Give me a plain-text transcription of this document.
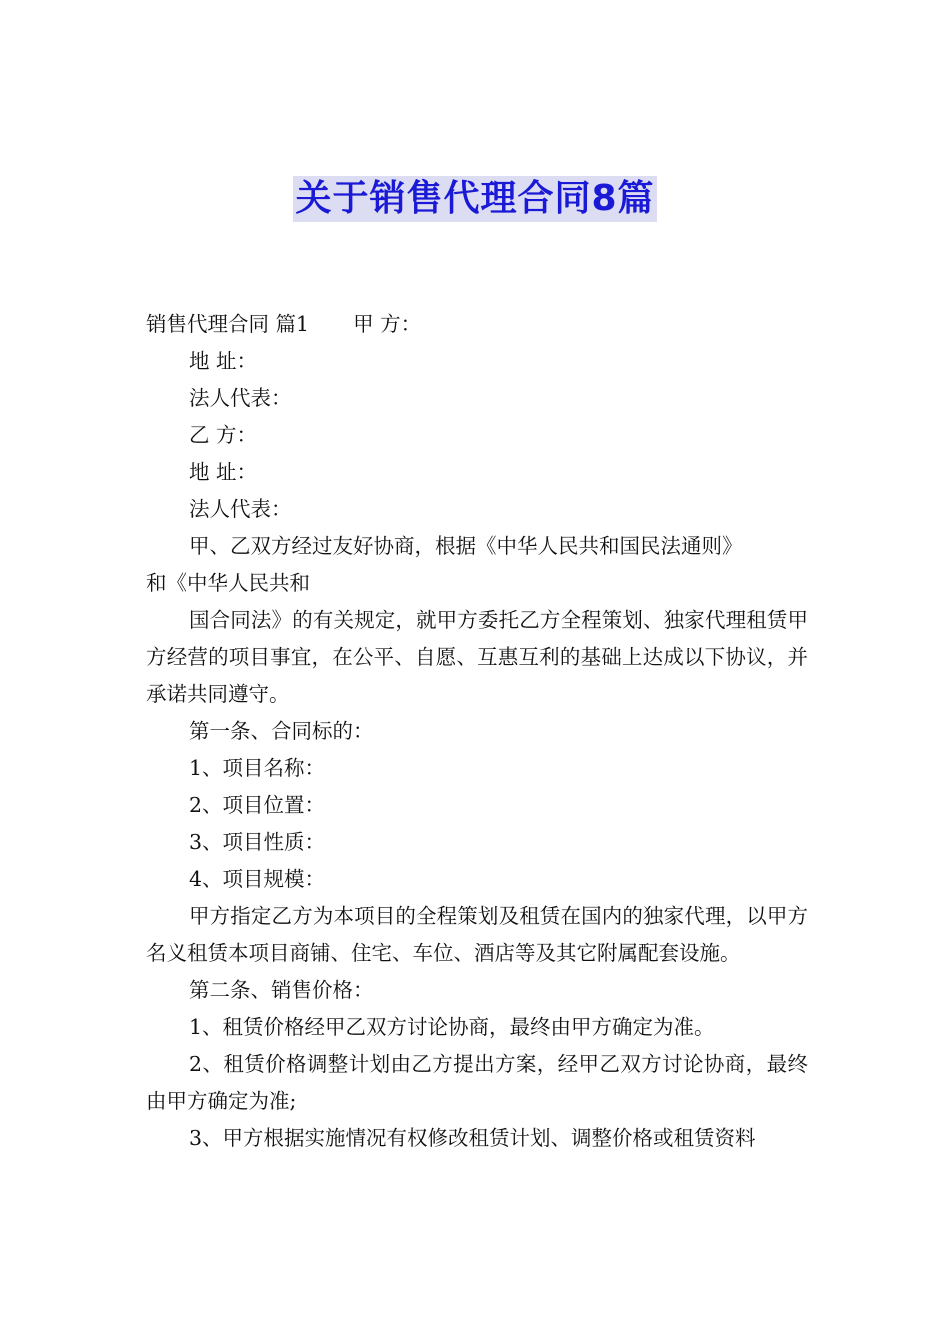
关于销售代理合同8篇

销售代理合同 篇1 甲 方：

地 址：

法人代表：

乙 方：

地 址：

法人代表：

甲、乙双方经过友好协商，根据《中华人民共和国民法通则》

和《中华人民共和

国合同法》的有关规定，就甲方委托乙方全程策划、独家代理租赁甲方经营的项目事宜，在公平、自愿、互惠互利的基础上达成以下协议，并承诺共同遵守。

第一条、合同标的：

1、项目名称：

2、项目位置：

3、项目性质：

4、项目规模：

甲方指定乙方为本项目的全程策划及租赁在国内的独家代理，以甲方名义租赁本项目商铺、住宅、车位、酒店等及其它附属配套设施。

第二条、销售价格：

1、租赁价格经甲乙双方讨论协商，最终由甲方确定为准。

2、租赁价格调整计划由乙方提出方案，经甲乙双方讨论协商，最终由甲方确定为准;

3、甲方根据实施情况有权修改租赁计划、调整价格或租赁资料
